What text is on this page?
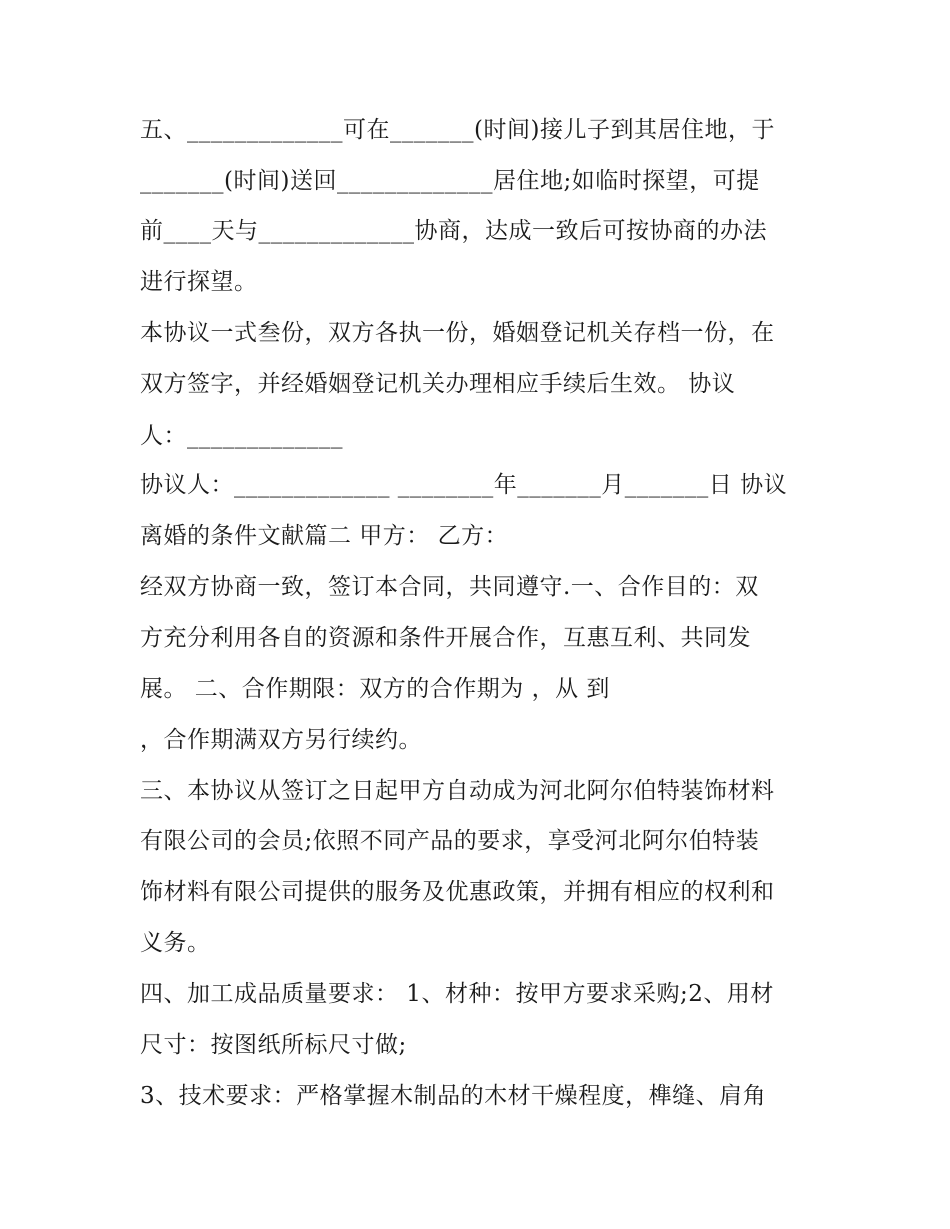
五、_____________可在_______(时间)接儿子到其居住地，于
_______(时间)送回_____________居住地;如临时探望，可提
前____天与_____________协商，达成一致后可按协商的办法
进行探望。
本协议一式叁份，双方各执一份，婚姻登记机关存档一份，在
双方签字，并经婚姻登记机关办理相应手续后生效。 协议
人：_____________
协议人：_____________ ________年_______月_______日 协议
离婚的条件文献篇二 甲方： 乙方：
经双方协商一致，签订本合同，共同遵守.一、合作目的：双
方充分利用各自的资源和条件开展合作，互惠互利、共同发
展。 二、合作期限：双方的合作期为 ，从 到
，合作期满双方另行续约。
三、本协议从签订之日起甲方自动成为河北阿尔伯特装饰材料
有限公司的会员;依照不同产品的要求，享受河北阿尔伯特装
饰材料有限公司提供的服务及优惠政策，并拥有相应的权利和
义务。
四、加工成品质量要求： 1、材种：按甲方要求采购;2、用材
尺寸：按图纸所标尺寸做;
3、技术要求：严格掌握木制品的木材干燥程度，榫缝、肩角
